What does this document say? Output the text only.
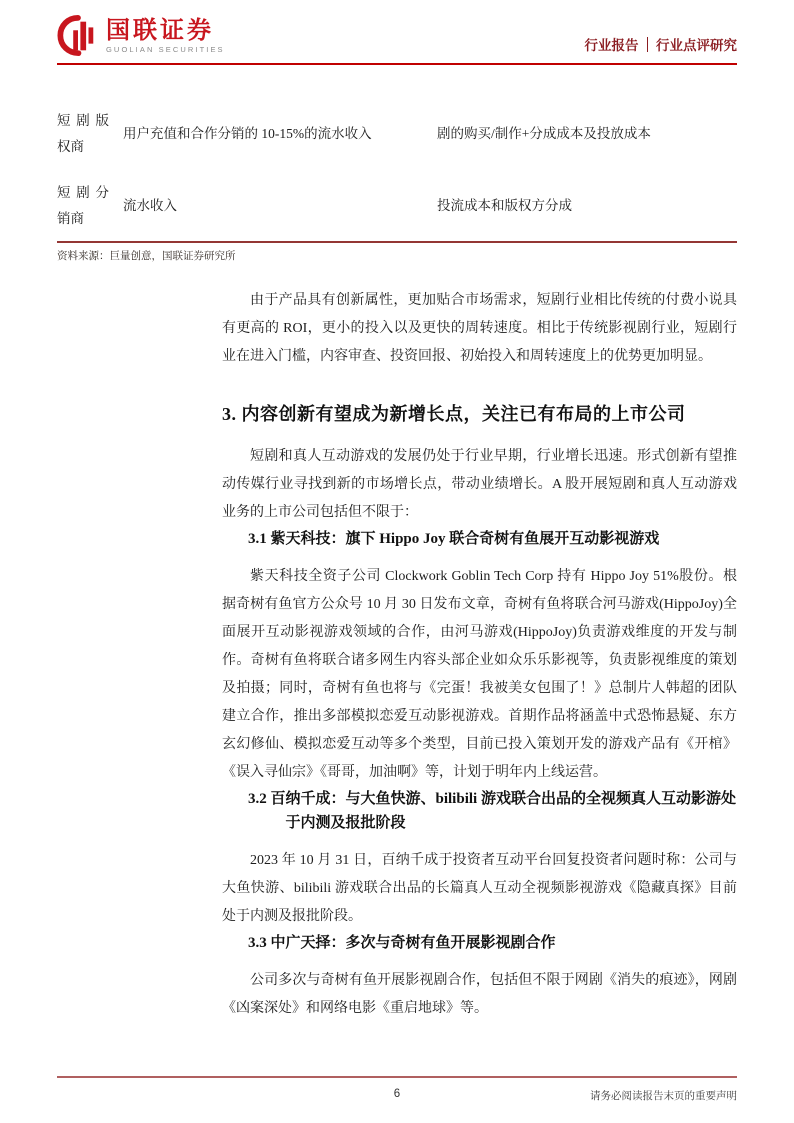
国联证券
GUOLIAN SECURITIES	行业报告 行业点评研究
短剧版
权商
用户充值和合作分销的 10-15%的流水收入	剧的购买/制作+分成成本及投放成本
短剧分
销商
流水收入	投流成本和版权方分成
资料来源：巨量创意，国联证券研究所

由于产品具有创新属性，更加贴合市场需求，短剧行业相比传统的付费小说具有更高的 ROI，更小的投入以及更快的周转速度。相比于传统影视剧行业，短剧行业在进入门槛，内容审查、投资回报、初始投入和周转速度上的优势更加明显。

3. 内容创新有望成为新增长点，关注已有布局的上市公司

短剧和真人互动游戏的发展仍处于行业早期，行业增长迅速。形式创新有望推动传媒行业寻找到新的市场增长点，带动业绩增长。A 股开展短剧和真人互动游戏业务的上市公司包括但不限于：

3.1 紫天科技：旗下 Hippo Joy 联合奇树有鱼展开互动影视游戏

紫天科技全资子公司 Clockwork Goblin Tech Corp 持有 Hippo Joy 51%股份。根据奇树有鱼官方公众号 10 月 30 日发布文章，奇树有鱼将联合河马游戏(HippoJoy)全面展开互动影视游戏领域的合作，由河马游戏(HippoJoy)负责游戏维度的开发与制作。奇树有鱼将联合诸多网生内容头部企业如众乐乐影视等，负责影视维度的策划及拍摄；同时，奇树有鱼也将与《完蛋！我被美女包围了！》总制片人韩超的团队建立合作，推出多部模拟恋爱互动影视游戏。首期作品将涵盖中式恐怖悬疑、东方玄幻修仙、模拟恋爱互动等多个类型，目前已投入策划开发的游戏产品有《开棺》《误入寻仙宗》《哥哥，加油啊》等，计划于明年内上线运营。

3.2 百纳千成：与大鱼快游、bilibili 游戏联合出品的全视频真人互动影游处于内测及报批阶段

2023 年 10 月 31 日，百纳千成于投资者互动平台回复投资者问题时称：公司与大鱼快游、bilibili 游戏联合出品的长篇真人互动全视频影视游戏《隐藏真探》目前处于内测及报批阶段。

3.3 中广天择：多次与奇树有鱼开展影视剧合作

公司多次与奇树有鱼开展影视剧合作，包括但不限于网剧《消失的痕迹》，网剧《凶案深处》和网络电影《重启地球》等。

6	请务必阅读报告末页的重要声明
